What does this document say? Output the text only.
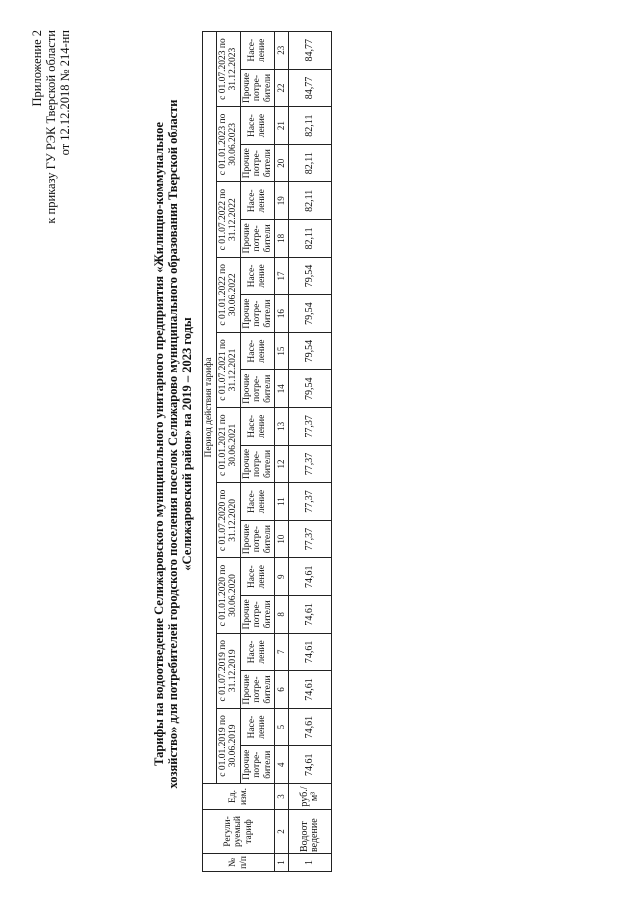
Приложение 2 к приказу ГУ РЭК Тверской области от 12.12.2018 № 214-нп
Тарифы на водоотведение Селижаровского муниципального унитарного предприятия «Жилищно-коммунальное хозяйство» для потребителей городского поселения поселок Селижарово муниципального образования Тверской области «Селижаровский район» на 2019 – 2023 годы
№ п/п	Регули-руемый тариф	Ед. изм.	Период действия тарифа																			
			с 01.01.2019 по 30.06.2019		с 01.07.2019 по 31.12.2019		с 01.01.2020 по 30.06.2020		с 01.07.2020 по 31.12.2020		с 01.01.2021 по 30.06.2021		с 01.07.2021 по 31.12.2021		с 01.01.2022 по 30.06.2022		с 01.07.2022 по 31.12.2022		с 01.01.2023 по 30.06.2023		с 01.07.2023 по 31.12.2023	
			Прочие потре-бители	Насе-ление	Прочие потре-бители	Насе-ление	Прочие потре-бители	Насе-ление	Прочие потре-бители	Насе-ление	Прочие потре-бители	Насе-ление	Прочие потре-бители	Насе-ление	Прочие потре-бители	Насе-ление	Прочие потре-бители	Насе-ление	Прочие потре-бители	Насе-ление	Прочие потре-бители	Насе-ление
1	2	3	4	5	6	7	8	9	10	11	12	13	14	15	16	17	18	19	20	21	22	23
1	Водоот ведение	руб./м³	74,61	74,61	74,61	74,61	74,61	74,61	77,37	77,37	77,37	77,37	79,54	79,54	79,54	79,54	82,11	82,11	82,11	82,11	84,77	84,77
